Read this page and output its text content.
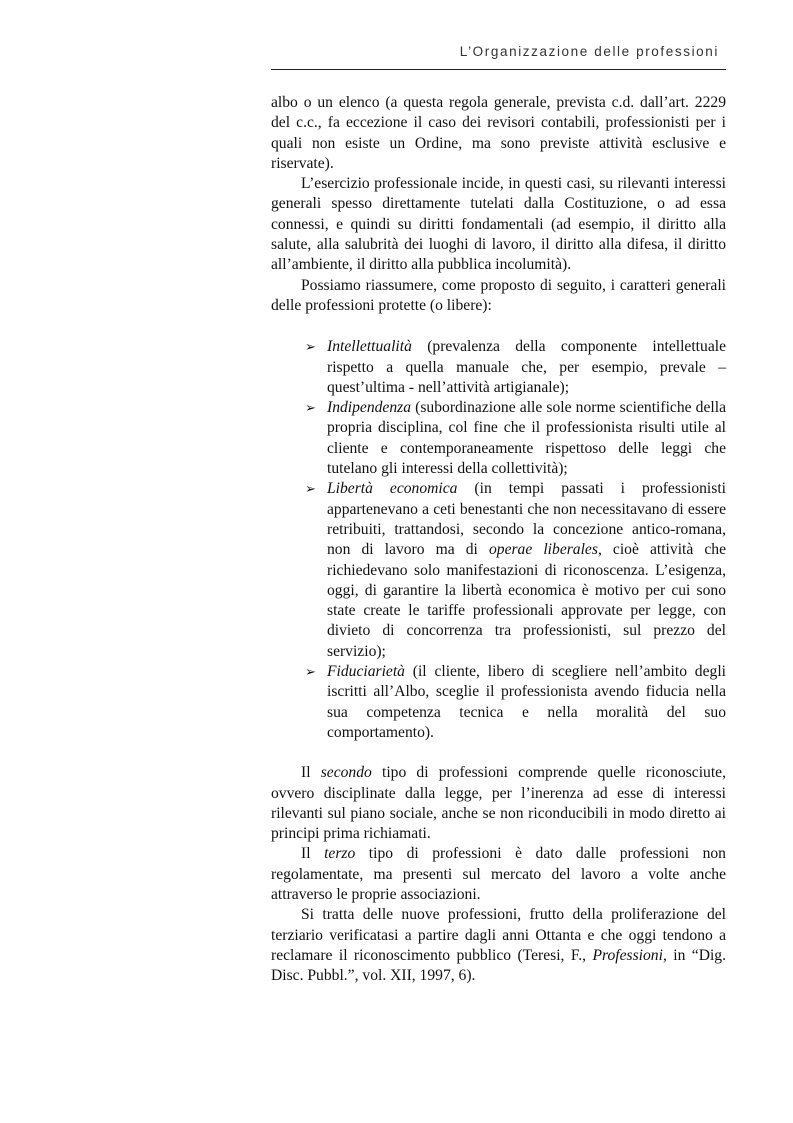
L’Organizzazione delle professioni

albo o un elenco (a questa regola generale, prevista c.d. dall’art. 2229 del c.c., fa eccezione il caso dei revisori contabili, professionisti per i quali non esiste un Ordine, ma sono previste attività esclusive e riservate).

L’esercizio professionale incide, in questi casi, su rilevanti interessi generali spesso direttamente tutelati dalla Costituzione, o ad essa connessi, e quindi su diritti fondamentali (ad esempio, il diritto alla salute, alla salubrità dei luoghi di lavoro, il diritto alla difesa, il diritto all’ambiente, il diritto alla pubblica incolumità).

Possiamo riassumere, come proposto di seguito, i caratteri generali delle professioni protette (o libere):

➢ Intellettualità (prevalenza della componente intellettuale rispetto a quella manuale che, per esempio, prevale – quest’ultima - nell’attività artigianale);
➢ Indipendenza (subordinazione alle sole norme scientifiche della propria disciplina, col fine che il professionista risulti utile al cliente e contemporaneamente rispettoso delle leggi che tutelano gli interessi della collettività);
➢ Libertà economica (in tempi passati i professionisti appartenevano a ceti benestanti che non necessitavano di essere retribuiti, trattandosi, secondo la concezione antico-romana, non di lavoro ma di operae liberales, cioè attività che richiedevano solo manifestazioni di riconoscenza. L’esigenza, oggi, di garantire la libertà economica è motivo per cui sono state create le tariffe professionali approvate per legge, con divieto di concorrenza tra professionisti, sul prezzo del servizio);
➢ Fiduciarietà (il cliente, libero di scegliere nell’ambito degli iscritti all’Albo, sceglie il professionista avendo fiducia nella sua competenza tecnica e nella moralità del suo comportamento).

Il secondo tipo di professioni comprende quelle riconosciute, ovvero disciplinate dalla legge, per l’inerenza ad esse di interessi rilevanti sul piano sociale, anche se non riconducibili in modo diretto ai principi prima richiamati.

Il terzo tipo di professioni è dato dalle professioni non regolamentate, ma presenti sul mercato del lavoro a volte anche attraverso le proprie associazioni.

Si tratta delle nuove professioni, frutto della proliferazione del terziario verificatasi a partire dagli anni Ottanta e che oggi tendono a reclamare il riconoscimento pubblico (Teresi, F., Professioni, in “Dig. Disc. Pubbl.”, vol. XII, 1997, 6).
